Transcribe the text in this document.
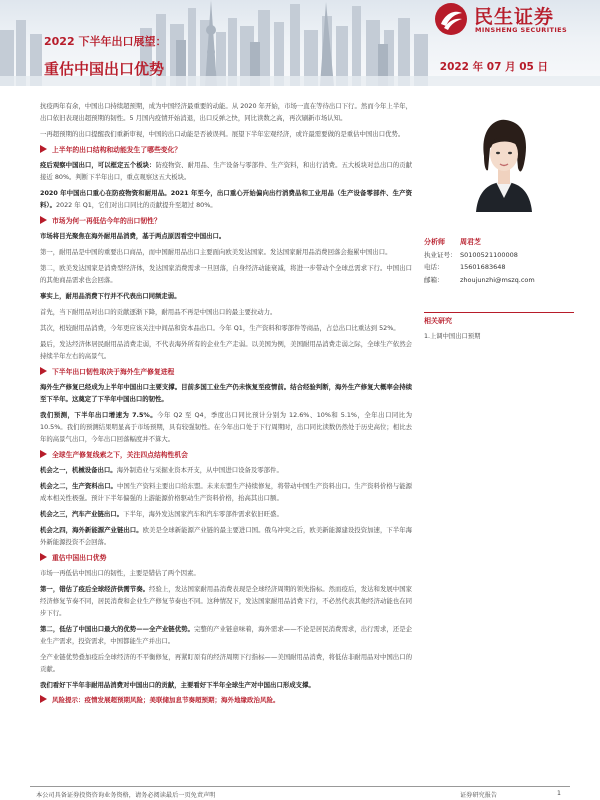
2022 下半年出口展望：
重估中国出口优势	2022 年 07 月 05 日
民生证券
MINSHENG SECURITIES

抗疫两年有余，中国出口持续超预期，成为中国经济最重要的动能。从 2020 年开始，市场一直在等待出口下行。然而今年上半年，出口依旧表现出超预期的韧性。5 月国内疫情开始消退，出口反弹之快，同比读数之高，再次刷新市场认知。

一再超预期的出口提醒我们重新审视，中国的出口动能是否被误判。展望下半年宏观经济，或许最需要做的是重估中国出口优势。

上半年的出口结构和动能发生了哪些变化？

疫后观察中国出口，可以框定五个板块：防疫物资、耐用品、生产设备与零部件、生产资料，和出行消费。五大板块对总出口的贡献接近 80%。判断下半年出口，重点观察这五大板块。

2020 年中国出口重心在防疫物资和耐用品。2021 年至今，出口重心开始偏向出行消费品和工业用品（生产设备零部件、生产资料）。2022 年 Q1，它们对出口同比的贡献提升至超过 80%。

市场为何一再低估今年的出口韧性？

市场将目光聚焦在海外耐用品消费，基于两点原因看空中国出口。

第一，耐用品是中国的重要出口商品，而中国耐用品出口主要面向欧美发达国家。发达国家耐用品消费回落会拖累中国出口。

第二，欧美发达国家是消费型经济体，发达国家消费需求一旦回落，自身经济动能衰减，将进一步带动个全球总需求下行。中国出口的其他商品需求也会回落。

事实上，耐用品消费下行并不代表出口同频走弱。

首先，当下耐用品对出口的贡献逐渐下降，耐用品不再是中国出口的最主要拉动力。

其次，相较耐用品消费，今年更应该关注中间品和资本品出口。今年 Q1，生产资料和零部件等商品，占总出口比重达到 52%。

最后，发达经济体居民耐用品消费走弱，不代表海外所有的企业生产走弱。以美国为例，美国耐用品消费走弱之际，全球生产依然会持续半年左右的高景气。

下半年出口韧性取决于海外生产修复进程

海外生产修复已经成为上半年中国出口主要支撑。目前多国工业生产仍未恢复至疫情前。结合经验判断，海外生产修复大概率会持续至下半年。这奠定了下半年中国出口的韧性。

我们预测，下半年出口增速为 7.5%。今年 Q2 至 Q4，季度出口同比预计分别为 12.6%、10%和 5.1%，全年出口同比为 10.5%。我们的预测结果明显高于市场预期，具有较强韧性。在今年出口处于下行周期时，出口同比读数仍然处于历史高位；相比去年的高景气出口，今年出口回落幅度并不算大。

全球生产修复线索之下，关注四点结构性机会

机会之一，机械设备出口。海外制造业与采掘业资本开支，从中国进口设备及零部件。

机会之二，生产资料出口。中国生产资料主要出口给东盟。未来东盟生产持续修复，将带动中国生产资料出口。生产资料价格与能源成本相关性极强。预计下半年偏强的上游能源价格驱动生产资料价格，抬高其出口额。

机会之三，汽车产业链出口。下半年，海外发达国家汽车和汽车零部件需求依旧旺盛。

机会之四，海外新能源产业链出口。欧美是全球新能源产业链的最主要进口国。俄乌冲突之后，欧美新能源建设投资加速，下半年海外新能源投资不会回落。

重估中国出口优势

市场一再低估中国出口的韧性，主要是错估了两个因素。

第一，错估了疫后全球经济供需节奏。经验上，发达国家耐用品消费表现是全球经济周期的领先指标。然而疫后，发达和发展中国家经济修复节奏不同，居民消费和企业生产修复节奏也不同。这种情况下，发达国家耐用品消费下行，不必然代表其他经济动能也在同步下行。

第二，低估了中国出口最大的优势——全产业链优势。完整的产业链意味着，海外需求——不论是居民消费需求，出行需求，还是企业生产需求，投资需求，中国都能生产并出口。

全产业链优势叠加疫后全球经济的不平衡修复，再紧盯原有的经济周期下行指标——美国耐用品消费，将低估非耐用品对中国出口的贡献。

我们看好下半年非耐用品消费对中国出口的贡献，主要看好下半年全球生产对中国出口形成支撑。

风险提示：疫情发展超预期风险；美联储加息节奏超预期；海外地缘政治风险。
分析师 周君芝
执业证号： S0100521100008
电话：	15601683648
邮箱：	zhoujunzhi@mszq.com
相关研究
1.上调中国出口预期
本公司具备证券投资咨询业务资格，请务必阅读最后一页免责声明	证券研究报告	1
